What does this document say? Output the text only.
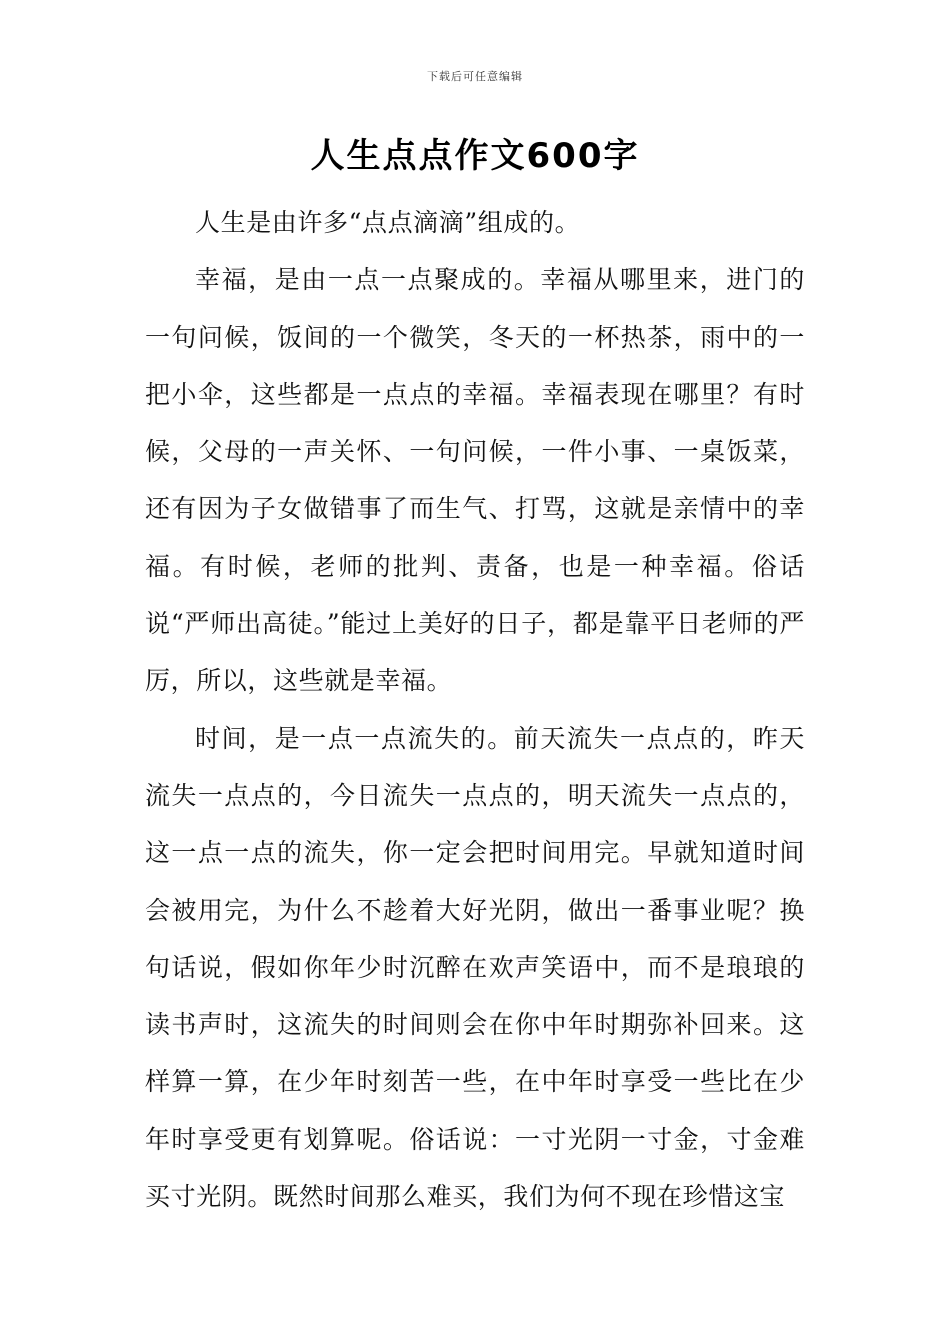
下载后可任意编辑
人生点点作文600字

人生是由许多“点点滴滴”组成的。

幸福，是由一点一点聚成的。幸福从哪里来，进门的一句问候，饭间的一个微笑，冬天的一杯热茶，雨中的一把小伞，这些都是一点点的幸福。幸福表现在哪里？有时候，父母的一声关怀、一句问候，一件小事、一桌饭菜，还有因为子女做错事了而生气、打骂，这就是亲情中的幸福。有时候，老师的批判、责备，也是一种幸福。俗话说“严师出高徒。”能过上美好的日子，都是靠平日老师的严厉，所以，这些就是幸福。

时间，是一点一点流失的。前天流失一点点的，昨天流失一点点的，今日流失一点点的，明天流失一点点的，这一点一点的流失，你一定会把时间用完。早就知道时间会被用完，为什么不趁着大好光阴，做出一番事业呢？换句话说，假如你年少时沉醉在欢声笑语中，而不是琅琅的读书声时，这流失的时间则会在你中年时期弥补回来。这样算一算，在少年时刻苦一些，在中年时享受一些比在少年时享受更有划算呢。俗话说：一寸光阴一寸金，寸金难买寸光阴。既然时间那么难买，我们为何不现在珍惜这宝
